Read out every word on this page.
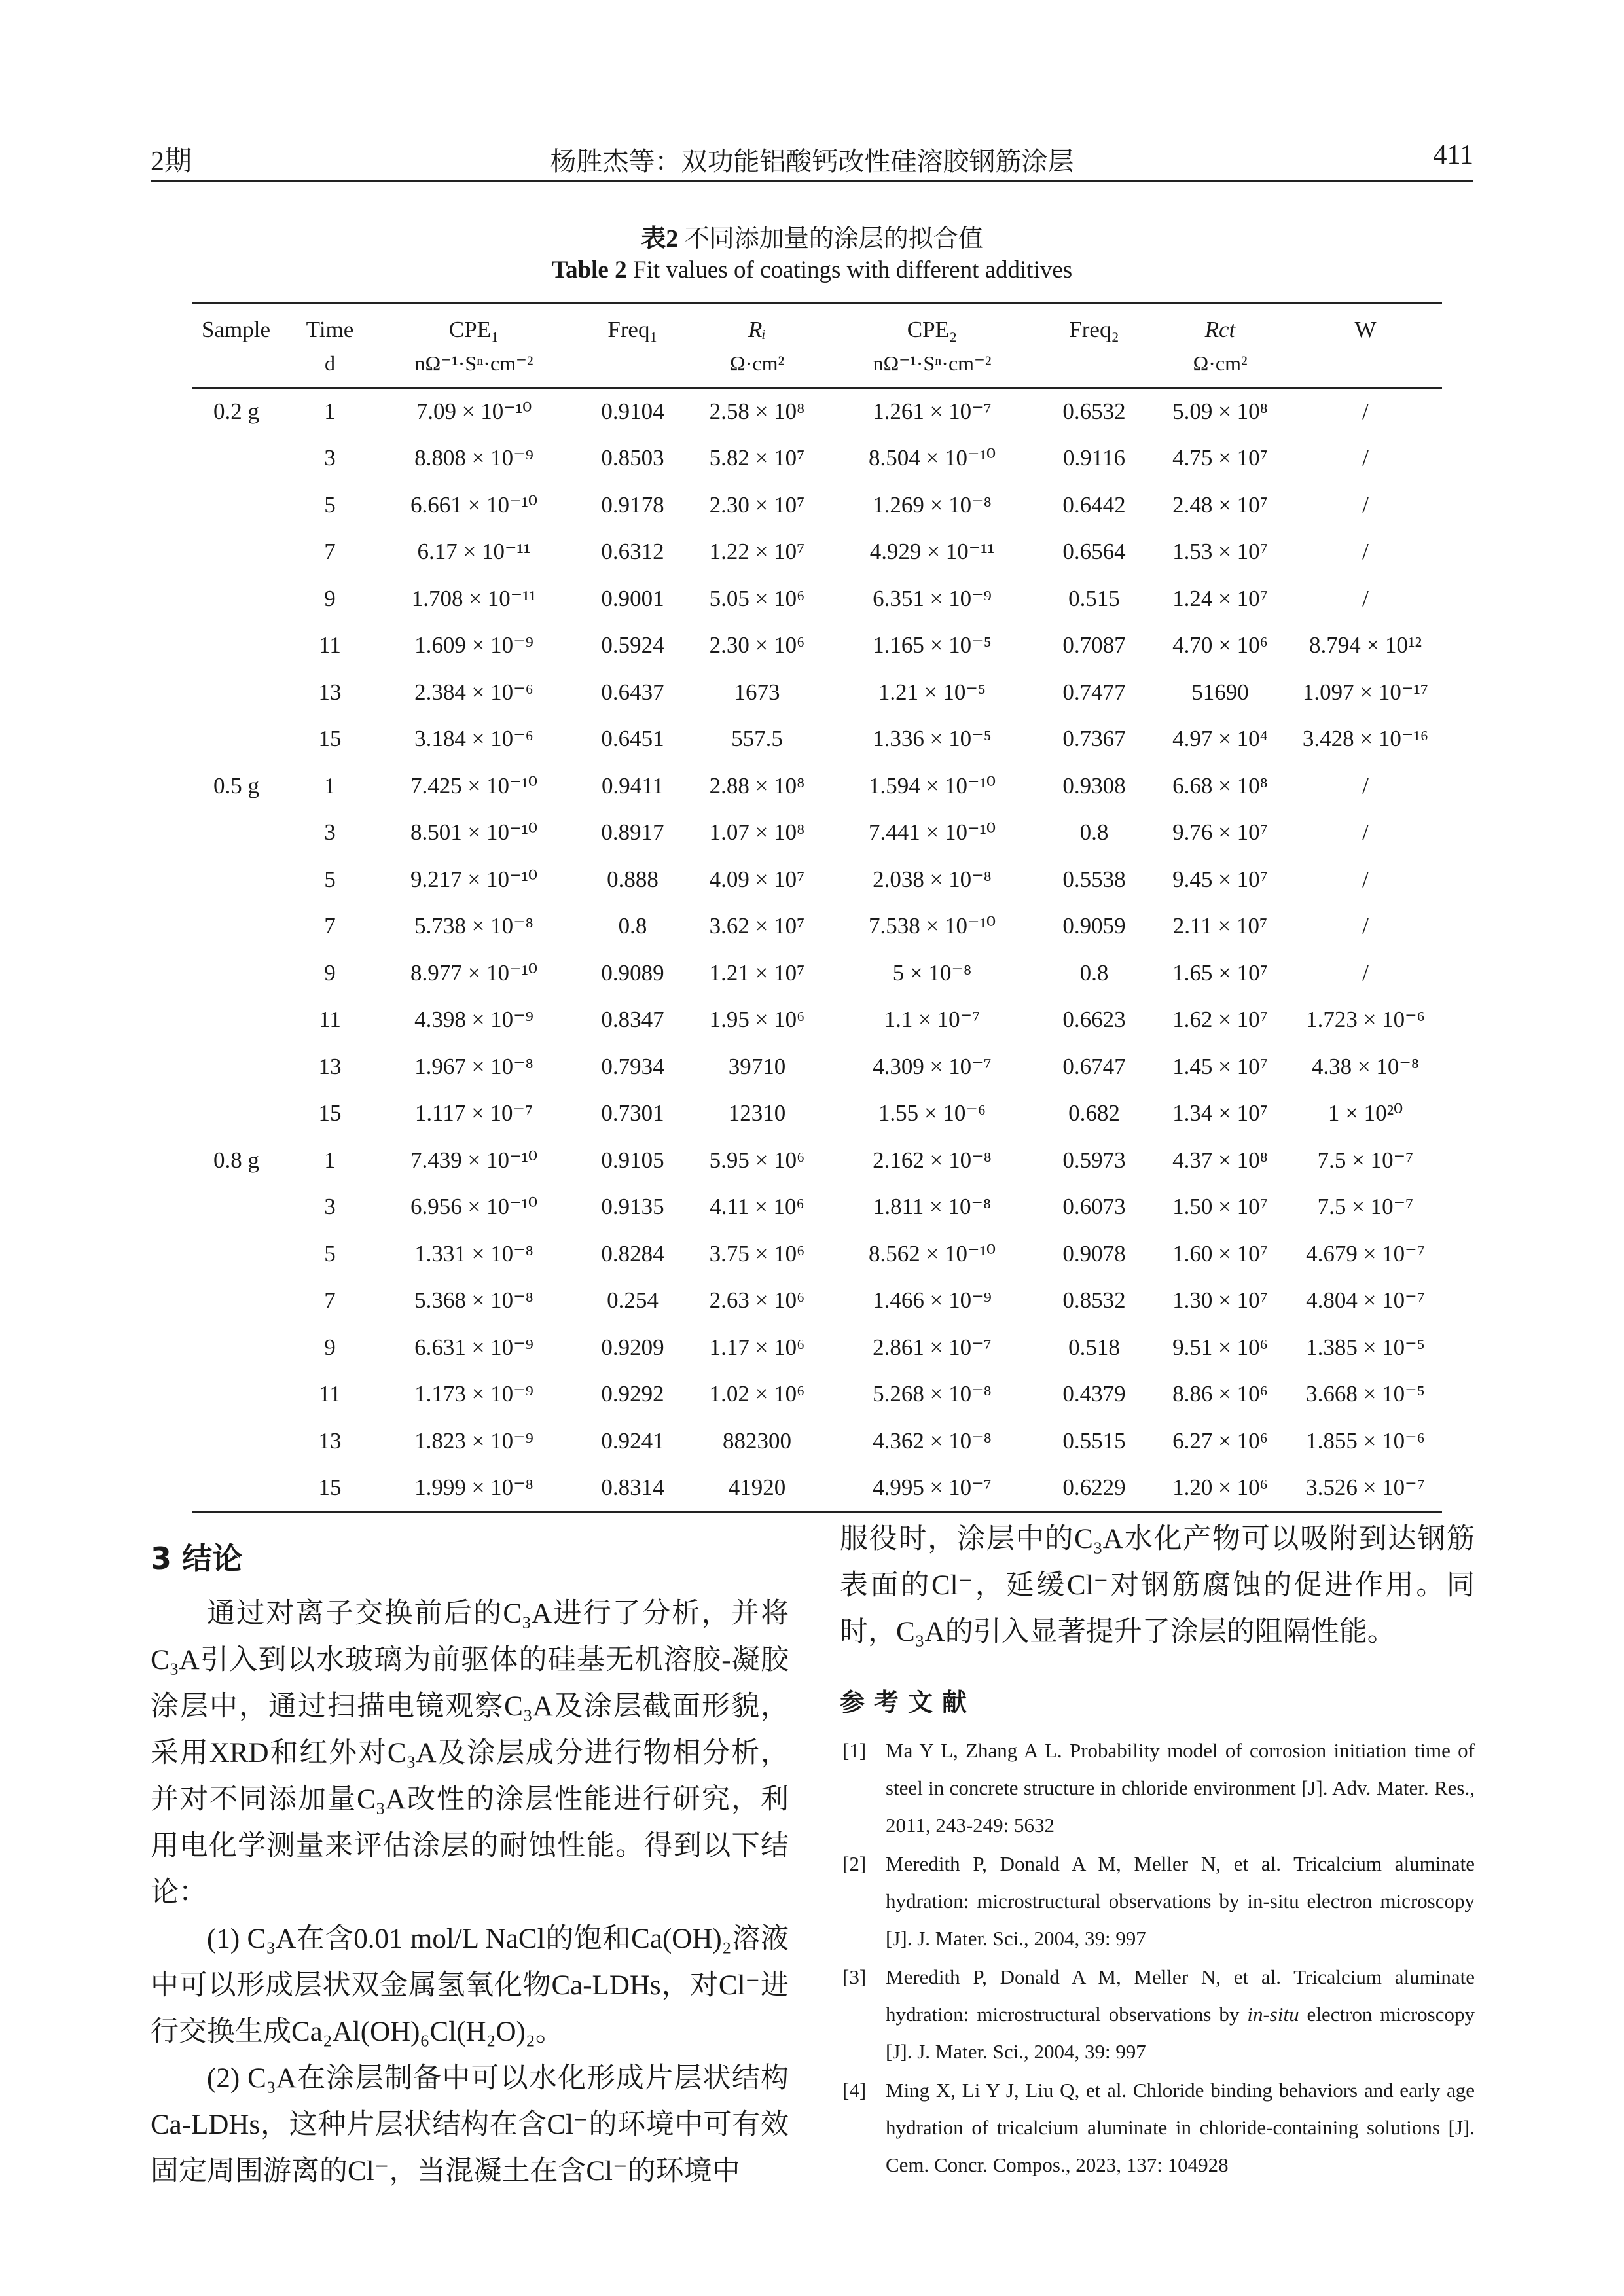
2期	杨胜杰等：双功能铝酸钙改性硅溶胶钢筋涂层	411
表2 不同添加量的涂层的拟合值
Table 2 Fit values of coatings with different additives
Sample	Time	CPE₁	Freq₁	Rᵢ	CPE₂	Freq₂	Rct	W
	d	nΩ⁻¹·Sⁿ·cm⁻²		Ω·cm²	nΩ⁻¹·Sⁿ·cm⁻²		Ω·cm²	
0.2 g	1	7.09 × 10⁻¹⁰	0.9104	2.58 × 10⁸	1.261 × 10⁻⁷	0.6532	5.09 × 10⁸	/
	3	8.808 × 10⁻⁹	0.8503	5.82 × 10⁷	8.504 × 10⁻¹⁰	0.9116	4.75 × 10⁷	/
	5	6.661 × 10⁻¹⁰	0.9178	2.30 × 10⁷	1.269 × 10⁻⁸	0.6442	2.48 × 10⁷	/
	7	6.17 × 10⁻¹¹	0.6312	1.22 × 10⁷	4.929 × 10⁻¹¹	0.6564	1.53 × 10⁷	/
	9	1.708 × 10⁻¹¹	0.9001	5.05 × 10⁶	6.351 × 10⁻⁹	0.515	1.24 × 10⁷	/
	11	1.609 × 10⁻⁹	0.5924	2.30 × 10⁶	1.165 × 10⁻⁵	0.7087	4.70 × 10⁶	8.794 × 10¹²
	13	2.384 × 10⁻⁶	0.6437	1673	1.21 × 10⁻⁵	0.7477	51690	1.097 × 10⁻¹⁷
	15	3.184 × 10⁻⁶	0.6451	557.5	1.336 × 10⁻⁵	0.7367	4.97 × 10⁴	3.428 × 10⁻¹⁶
0.5 g	1	7.425 × 10⁻¹⁰	0.9411	2.88 × 10⁸	1.594 × 10⁻¹⁰	0.9308	6.68 × 10⁸	/
	3	8.501 × 10⁻¹⁰	0.8917	1.07 × 10⁸	7.441 × 10⁻¹⁰	0.8	9.76 × 10⁷	/
	5	9.217 × 10⁻¹⁰	0.888	4.09 × 10⁷	2.038 × 10⁻⁸	0.5538	9.45 × 10⁷	/
	7	5.738 × 10⁻⁸	0.8	3.62 × 10⁷	7.538 × 10⁻¹⁰	0.9059	2.11 × 10⁷	/
	9	8.977 × 10⁻¹⁰	0.9089	1.21 × 10⁷	5 × 10⁻⁸	0.8	1.65 × 10⁷	/
	11	4.398 × 10⁻⁹	0.8347	1.95 × 10⁶	1.1 × 10⁻⁷	0.6623	1.62 × 10⁷	1.723 × 10⁻⁶
	13	1.967 × 10⁻⁸	0.7934	39710	4.309 × 10⁻⁷	0.6747	1.45 × 10⁷	4.38 × 10⁻⁸
	15	1.117 × 10⁻⁷	0.7301	12310	1.55 × 10⁻⁶	0.682	1.34 × 10⁷	1 × 10²⁰
0.8 g	1	7.439 × 10⁻¹⁰	0.9105	5.95 × 10⁶	2.162 × 10⁻⁸	0.5973	4.37 × 10⁸	7.5 × 10⁻⁷
	3	6.956 × 10⁻¹⁰	0.9135	4.11 × 10⁶	1.811 × 10⁻⁸	0.6073	1.50 × 10⁷	7.5 × 10⁻⁷
	5	1.331 × 10⁻⁸	0.8284	3.75 × 10⁶	8.562 × 10⁻¹⁰	0.9078	1.60 × 10⁷	4.679 × 10⁻⁷
	7	5.368 × 10⁻⁸	0.254	2.63 × 10⁶	1.466 × 10⁻⁹	0.8532	1.30 × 10⁷	4.804 × 10⁻⁷
	9	6.631 × 10⁻⁹	0.9209	1.17 × 10⁶	2.861 × 10⁻⁷	0.518	9.51 × 10⁶	1.385 × 10⁻⁵
	11	1.173 × 10⁻⁹	0.9292	1.02 × 10⁶	5.268 × 10⁻⁸	0.4379	8.86 × 10⁶	3.668 × 10⁻⁵
	13	1.823 × 10⁻⁹	0.9241	882300	4.362 × 10⁻⁸	0.5515	6.27 × 10⁶	1.855 × 10⁻⁶
	15	1.999 × 10⁻⁸	0.8314	41920	4.995 × 10⁻⁷	0.6229	1.20 × 10⁶	3.526 × 10⁻⁷
3 结论

通过对离子交换前后的C₃A进行了分析，并将C₃A引入到以水玻璃为前驱体的硅基无机溶胶-凝胶涂层中，通过扫描电镜观察C₃A及涂层截面形貌，采用XRD和红外对C₃A及涂层成分进行物相分析，并对不同添加量C₃A改性的涂层性能进行研究，利用电化学测量来评估涂层的耐蚀性能。得到以下结论：

(1) C₃A在含0.01 mol/L NaCl的饱和Ca(OH)₂溶液中可以形成层状双金属氢氧化物Ca-LDHs，对Cl⁻进行交换生成Ca₂Al(OH)₆Cl(H₂O)₂。

(2) C₃A在涂层制备中可以水化形成片层状结构Ca-LDHs，这种片层状结构在含Cl⁻的环境中可有效固定周围游离的Cl⁻，当混凝土在含Cl⁻的环境中

服役时，涂层中的C₃A水化产物可以吸附到达钢筋表面的Cl⁻，延缓Cl⁻对钢筋腐蚀的促进作用。同时，C₃A的引入显著提升了涂层的阻隔性能。

参考文献
[1] Ma Y L, Zhang A L. Probability model of corrosion initiation time of steel in concrete structure in chloride environment [J]. Adv. Mater. Res., 2011, 243-249: 5632
[2] Meredith P, Donald A M, Meller N, et al. Tricalcium aluminate hydration: microstructural observations by in-situ electron microscopy [J]. J. Mater. Sci., 2004, 39: 997
[3] Meredith P, Donald A M, Meller N, et al. Tricalcium aluminate hydration: microstructural observations by in-situ electron microscopy [J]. J. Mater. Sci., 2004, 39: 997
[4] Ming X, Li Y J, Liu Q, et al. Chloride binding behaviors and early age hydration of tricalcium aluminate in chloride-containing solutions [J]. Cem. Concr. Compos., 2023, 137: 104928
